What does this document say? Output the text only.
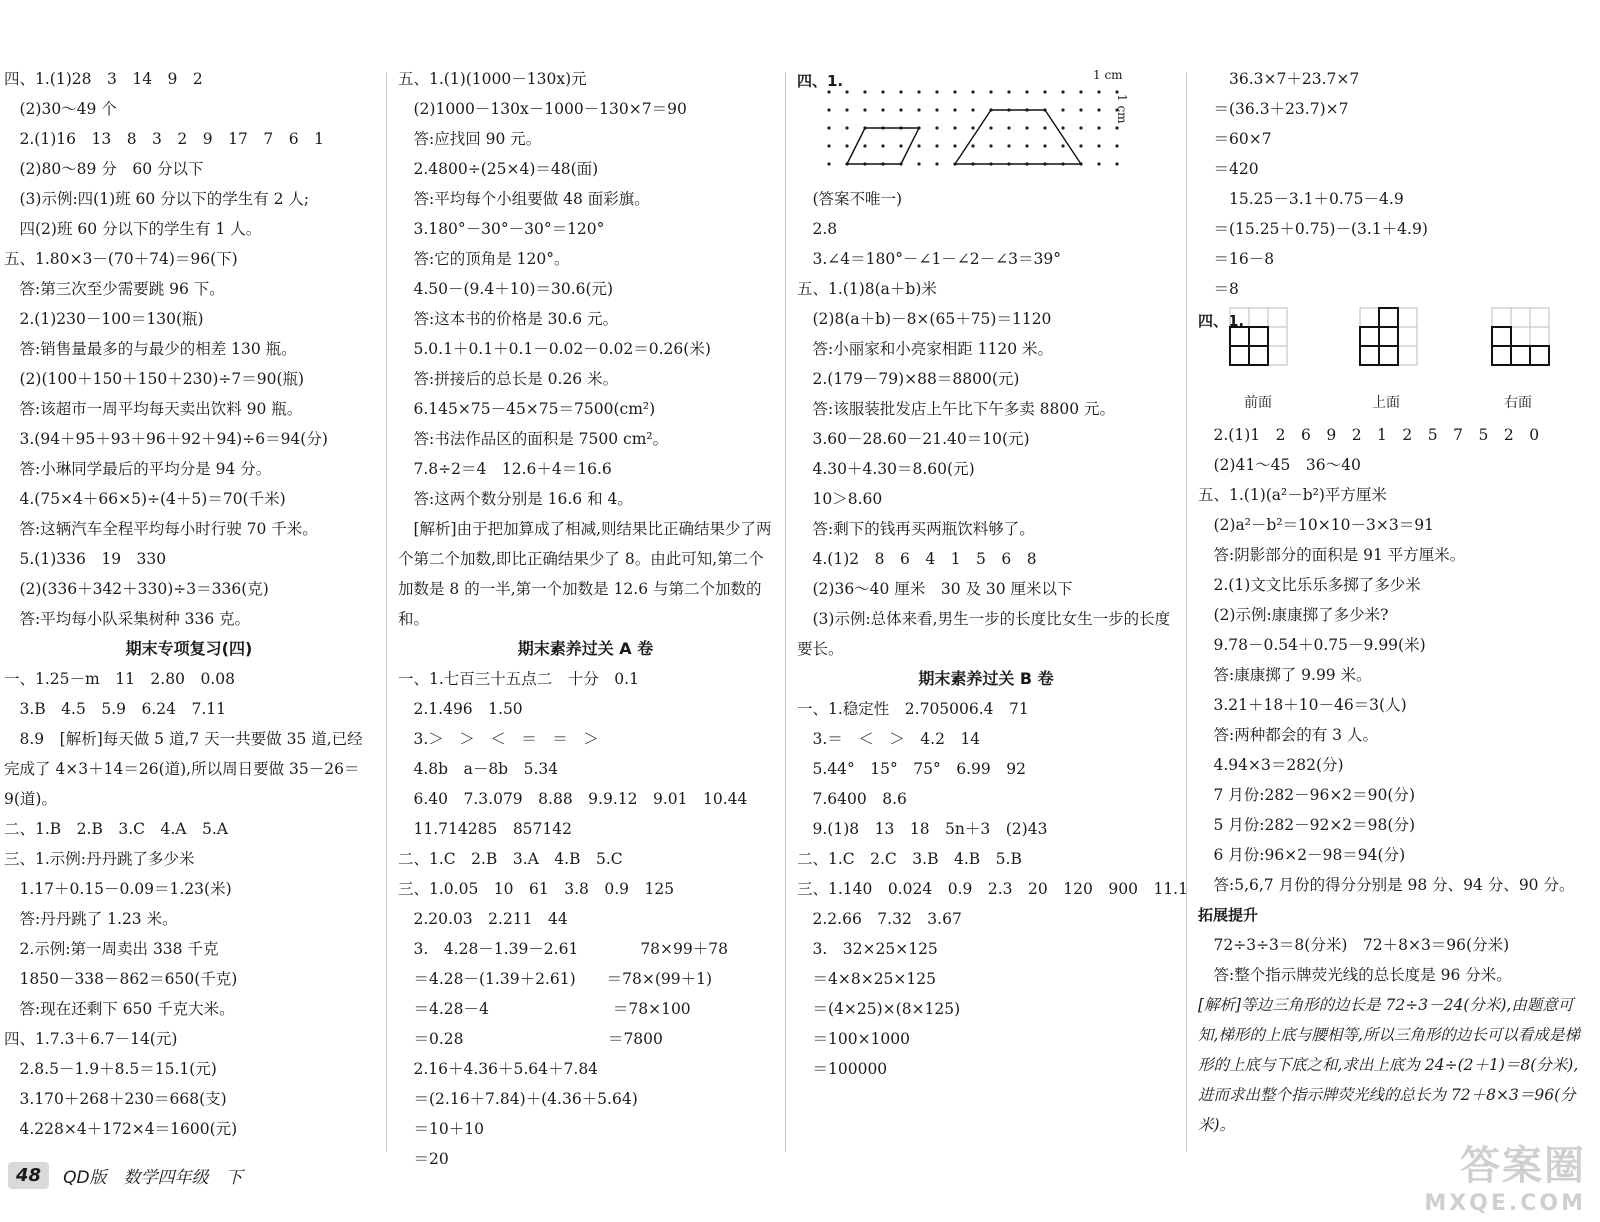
四、1.(1)28　3　14　9　2
　(2)30～49 个
　2.(1)16　13　8　3　2　9　17　7　6　1
　(2)80～89 分　60 分以下
　(3)示例:四(1)班 60 分以下的学生有 2 人;
　四(2)班 60 分以下的学生有 1 人。
五、1.80×3－(70＋74)＝96(下)
　答:第三次至少需要跳 96 下。
　2.(1)230－100＝130(瓶)
　答:销售量最多的与最少的相差 130 瓶。
　(2)(100＋150＋150＋230)÷7＝90(瓶)
　答:该超市一周平均每天卖出饮料 90 瓶。
　3.(94＋95＋93＋96＋92＋94)÷6＝94(分)
　答:小琳同学最后的平均分是 94 分。
　4.(75×4＋66×5)÷(4＋5)＝70(千米)
　答:这辆汽车全程平均每小时行驶 70 千米。
　5.(1)336　19　330
　(2)(336＋342＋330)÷3＝336(克)
　答:平均每小队采集树种 336 克。
期末专项复习(四)
一、1.25－m　11　2.80　0.08
　3.B　4.5　5.9　6.24　7.11
　8.9　[解析]每天做 5 道,7 天一共要做 35 道,已经完成了 4×3＋14＝26(道),所以周日要做 35－26＝9(道)。
二、1.B　2.B　3.C　4.A　5.A
三、1.示例:丹丹跳了多少米
　1.17＋0.15－0.09＝1.23(米)
　答:丹丹跳了 1.23 米。
　2.示例:第一周卖出 338 千克
　1850－338－862＝650(千克)
　答:现在还剩下 650 千克大米。
四、1.7.3＋6.7－14(元)
　2.8.5－1.9＋8.5＝15.1(元)
　3.170＋268＋230＝668(支)
　4.228×4＋172×4＝1600(元)
五、1.(1)(1000－130x)元
　(2)1000－130x－1000－130×7＝90
　答:应找回 90 元。
　2.4800÷(25×4)＝48(面)
　答:平均每个小组要做 48 面彩旗。
　3.180°－30°－30°＝120°
　答:它的顶角是 120°。
　4.50－(9.4＋10)＝30.6(元)
　答:这本书的价格是 30.6 元。
　5.0.1＋0.1＋0.1－0.02－0.02＝0.26(米)
　答:拼接后的总长是 0.26 米。
　6.145×75－45×75＝7500(cm²)
　答:书法作品区的面积是 7500 cm²。
　7.8÷2＝4　12.6＋4＝16.6
　答:这两个数分别是 16.6 和 4。
　[解析]由于把加算成了相减,则结果比正确结果少了两个第二个加数,即比正确结果少了 8。由此可知,第二个加数是 8 的一半,第一个加数是 12.6 与第二个加数的和。
期末素养过关 A 卷
一、1.七百三十五点二　十分　0.1
　2.1.496　1.50
　3.＞　＞　＜　＝　＝　＞
　4.8b　a－8b　5.34
　6.40　7.3.079　8.88　9.9.12　9.01　10.44
　11.714285　857142
二、1.C　2.B　3.A　4.B　5.C
三、1.0.05　10　61　3.8　0.9　125
　2.20.03　2.211　44
　3.　4.28－1.39－2.61　　　　78×99＋78
　＝4.28－(1.39＋2.61)　　＝78×(99＋1)
　＝4.28－4　　　　　　　　＝78×100
　＝0.28　　　　　　　　　 ＝7800
　2.16＋4.36＋5.64＋7.84
　＝(2.16＋7.84)＋(4.36＋5.64)
　＝10＋10
　＝20
四、1.	1 cm
1 cm
　(答案不唯一)
　2.8
　3.∠4＝180°－∠1－∠2－∠3＝39°
五、1.(1)8(a＋b)米
　(2)8(a＋b)－8×(65＋75)＝1120
　答:小丽家和小亮家相距 1120 米。
　2.(179－79)×88＝8800(元)
　答:该服装批发店上午比下午多卖 8800 元。
　3.60－28.60－21.40＝10(元)
　4.30＋4.30＝8.60(元)
　10＞8.60
　答:剩下的钱再买两瓶饮料够了。
　4.(1)2　8　6　4　1　5　6　8
　(2)36～40 厘米　30 及 30 厘米以下
　(3)示例:总体来看,男生一步的长度比女生一步的长度要长。
期末素养过关 B 卷
一、1.稳定性　2.705006.4　71
　3.＝　＜　＞　4.2　14
　5.44°　15°　75°　6.99　92
　7.6400　8.6
　9.(1)8　13　18　5n＋3　(2)43
二、1.C　2.C　3.B　4.B　5.B
三、1.140　0.024　0.9　2.3　20　120　900　11.1
　2.2.66　7.32　3.67
　3.　32×25×125
　＝4×8×25×125
　＝(4×25)×(8×125)
　＝100×1000
　＝100000
　　36.3×7＋23.7×7
　＝(36.3＋23.7)×7
　＝60×7
　＝420
　　15.25－3.1＋0.75－4.9
　＝(15.25＋0.75)－(3.1＋4.9)
　＝16－8
　＝8
四、1.
前面	上面	右面
　2.(1)1　2　6　9　2　1　2　5　7　5　2　0
　(2)41～45　36～40
五、1.(1)(a²－b²)平方厘米
　(2)a²－b²＝10×10－3×3＝91
　答:阴影部分的面积是 91 平方厘米。
　2.(1)文文比乐乐多掷了多少米
　(2)示例:康康掷了多少米?
　9.78－0.54＋0.75－9.99(米)
　答:康康掷了 9.99 米。
　3.21＋18＋10－46＝3(人)
　答:两种都会的有 3 人。
　4.94×3＝282(分)
　7 月份:282－96×2＝90(分)
　5 月份:282－92×2＝98(分)
　6 月份:96×2－98＝94(分)
　答:5,6,7 月份的得分分别是 98 分、94 分、90 分。
拓展提升
　72÷3÷3＝8(分米)　72＋8×3＝96(分米)
　答:整个指示牌荧光线的总长度是 96 分米。
[解析]等边三角形的边长是 72÷3－24(分米),由题意可知,梯形的上底与腰相等,所以三角形的边长可以看成是梯形的上底与下底之和,求出上底为 24÷(2＋1)＝8(分米),进而求出整个指示牌荧光线的总长为 72＋8×3＝96(分米)。
48	QD版　数学四年级　下	答案圈
MXQE.COM
